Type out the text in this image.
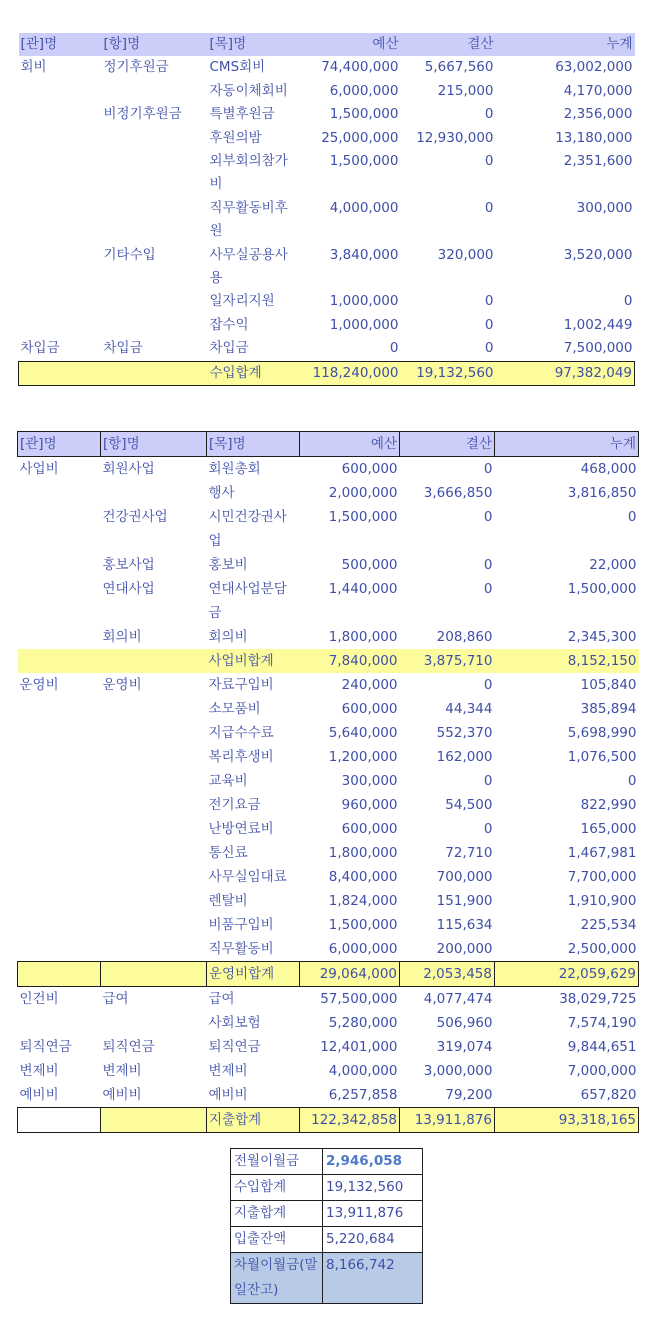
[관]명	[항]명	[목]명	예산	결산	누계
회비	정기후원금	CMS회비	74,400,000	5,667,560	63,002,000
		자동이체회비	6,000,000	215,000	4,170,000
	비정기후원금	특별후원금	1,500,000	0	2,356,000
		후원의밤	25,000,000	12,930,000	13,180,000
		외부회의참가비	1,500,000	0	2,351,600
		직무활동비후원	4,000,000	0	300,000
	기타수입	사무실공용사용	3,840,000	320,000	3,520,000
		일자리지원	1,000,000	0	0
		잡수익	1,000,000	0	1,002,449
차입금	차입금	차입금	0	0	7,500,000
		수입합계	118,240,000	19,132,560	97,382,049
[관]명	[항]명	[목]명	예산	결산	누계
사업비	회원사업	회원총회	600,000	0	468,000
		행사	2,000,000	3,666,850	3,816,850
	건강권사업	시민건강권사업	1,500,000	0	0
	홍보사업	홍보비	500,000	0	22,000
	연대사업	연대사업분담금	1,440,000	0	1,500,000
	회의비	회의비	1,800,000	208,860	2,345,300
		사업비합계	7,840,000	3,875,710	8,152,150
운영비	운영비	자료구입비	240,000	0	105,840
		소모품비	600,000	44,344	385,894
		지급수수료	5,640,000	552,370	5,698,990
		복리후생비	1,200,000	162,000	1,076,500
		교육비	300,000	0	0
		전기요금	960,000	54,500	822,990
		난방연료비	600,000	0	165,000
		통신료	1,800,000	72,710	1,467,981
		사무실임대료	8,400,000	700,000	7,700,000
		렌탈비	1,824,000	151,900	1,910,900
		비품구입비	1,500,000	115,634	225,534
		직무활동비	6,000,000	200,000	2,500,000
		운영비합계	29,064,000	2,053,458	22,059,629
인건비	급여	급여	57,500,000	4,077,474	38,029,725
		사회보험	5,280,000	506,960	7,574,190
퇴직연금	퇴직연금	퇴직연금	12,401,000	319,074	9,844,651
변제비	변제비	변제비	4,000,000	3,000,000	7,000,000
예비비	예비비	예비비	6,257,858	79,200	657,820
		지출합계	122,342,858	13,911,876	93,318,165
전월이월금	2,946,058
수입합계	19,132,560
지출합계	13,911,876
입출잔액	5,220,684
차월이월금(말일잔고)	8,166,742
